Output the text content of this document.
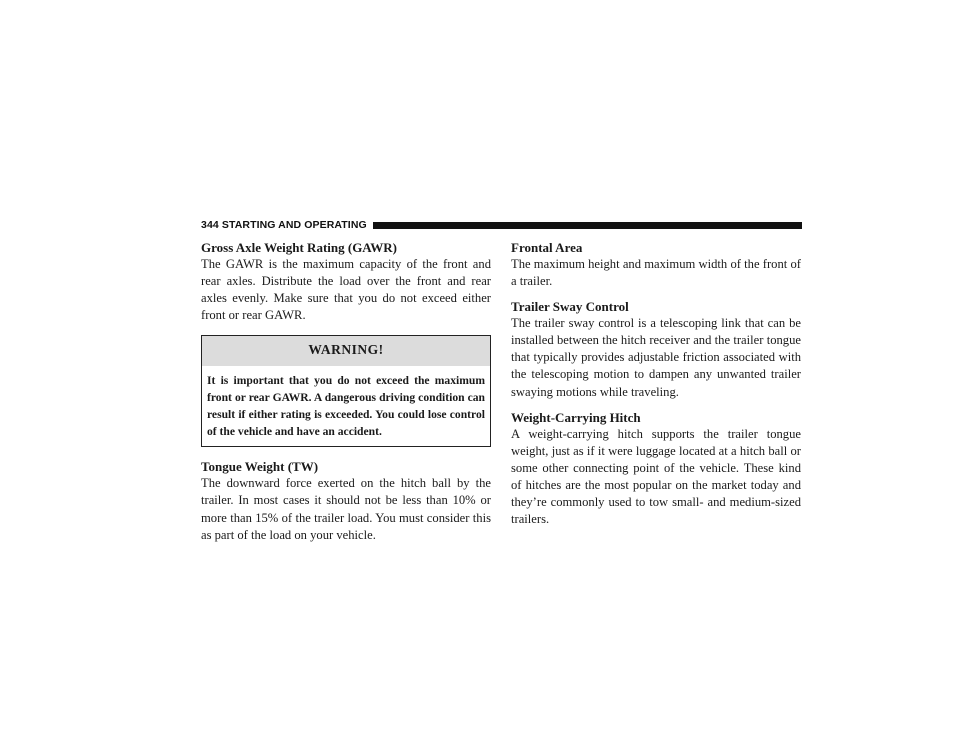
344 STARTING AND OPERATING

Gross Axle Weight Rating (GAWR)

The GAWR is the maximum capacity of the front and rear axles. Distribute the load over the front and rear axles evenly. Make sure that you do not exceed either front or rear GAWR.

WARNING!
It is important that you do not exceed the maximum front or rear GAWR. A dangerous driving condition can result if either rating is exceeded. You could lose control of the vehicle and have an accident.

Tongue Weight (TW)

The downward force exerted on the hitch ball by the trailer. In most cases it should not be less than 10% or more than 15% of the trailer load. You must consider this as part of the load on your vehicle.

Frontal Area

The maximum height and maximum width of the front of a trailer.

Trailer Sway Control

The trailer sway control is a telescoping link that can be installed between the hitch receiver and the trailer tongue that typically provides adjustable friction associated with the telescoping motion to dampen any unwanted trailer swaying motions while traveling.

Weight-Carrying Hitch

A weight-carrying hitch supports the trailer tongue weight, just as if it were luggage located at a hitch ball or some other connecting point of the vehicle. These kind of hitches are the most popular on the market today and they’re commonly used to tow small- and medium-sized trailers.
